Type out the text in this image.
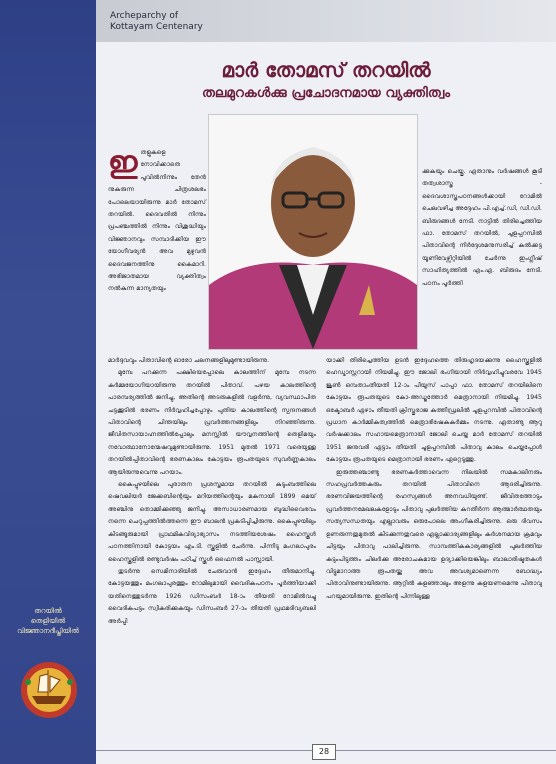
തറയിൽ
തെളിയിൽ
വിജ്ഞാനദീപ്തിയിൽ
Archeparchy of
Kottayam Centenary
മാർ തോമസ് തറയിൽ
തലമുറകൾക്കു പ്രചോദനമായ വ്യക്തിത്വം

ഇതളുകളെ നോവിക്കാതെ പൂവിൽനിന്നും തേൻ നുകരുന്ന ചിത്രശലഭം പോലെയായിരുന്നു മാർ തോമസ് തറയിൽ. ദൈവതിൽ നിന്നും പ്രപഞ്ചത്തിൽ നിന്നും വിശുദ്ധിയും വിജ്ഞാനവും സമ്പാദിക്കിയ ഈ യോഗീവര്യൻ അവ മുഴുവൻ ദൈവജനത്തിനു കൈമാറി. അഭിജാതമായ വ്യക്തിത്വം നൽകുന്ന മാന്യതയും

ക്കുകയും ചെയ്തു. ഏതാനും വർഷങ്ങൾ കൂടി തത്വശാസ്ത്ര - ദൈവശാസ്ത്രപഠനങ്ങൾക്കായി റോമിൽ ചെലവഴിച്ച അദ്ദേഹം പി.എച്ച്.ഡി, ഡി.ഡി. ബിരുദങ്ങൾ നേടി. നാട്ടിൽ തിരിച്ചെത്തിയ ഫാ. തോമസ് തറയിൽ, ചൂളപ്പറമ്പിൽ പിതാവിന്റെ നിർദ്ദേശമനുസരിച്ച് കൽക്കട്ട യൂണിവേഴ്സിറ്റിയിൽ ചേർന്നു ഇംഗ്ലീഷ് സാഹിത്യത്തിൽ എം.എ. ബിരുദം നേടി. പഠനം പൂർത്തി

മാർദ്ദവവും പിതാവിന്റെ ഓരോ ചലനങ്ങളിലുമുണ്ടായിരുന്നു.

മുമ്പേ പറക്കുന്ന പക്ഷിയെപ്പോലെ കാലത്തിന് മുമ്പേ നടന്ന കർമ്മയോഗിയായിരുന്നു തറയിൽ പിതാവ്. പഴയ കാലത്തിന്റെ പാരമ്പര്യത്തിൽ ജനിച്ചു, അതിന്റെ അടരുകളിൽ വളർന്നു, വ്യവസ്ഥാപിത ചട്ടക്കൂടിൽ ഭരണം നിർവ്വഹിച്ചപ്പോഴും പുതിയ കാലത്തിന്റെ സ്പന്ദനങ്ങൾ പിതാവിന്റെ ചിന്തയിലും പ്രവർത്തനങ്ങളിലും നിറഞ്ഞിരുന്നു. ജീവിതസായാഹ്നത്തിൽപ്പോലും മനസ്സിൽ യൗവ്വനത്തിന്റെ തെളിമയും നവോത്ഥാനോന്മേഷവുമുണ്ടായിരുന്നു. 1951 മുതൽ 1971 വരെയുള്ള തറയിൽപ്പിതാവിന്റെ ഭരണകാലം കോട്ടയം രൂപതയുടെ സുവർണ്ണകാലം ആയിരുന്നുവെന്നു പറയാം.

കൈപ്പുഴയിലെ പുരാതന പ്രശസ്തമായ തറയിൽ കുടുംബത്തിലെ ഷെവലിയർ ജേക്കബിന്റെയും മറിയത്തിന്റെയും മകനായി 1899 മെയ് അഞ്ചിനു തൊമ്മിക്കുഞ്ഞു ജനിച്ചു. അസാധാരണമായ ബുദ്ധിവൈഭവം നന്നെ ചെറുപ്പത്തിൽത്തന്നെ ഈ ബാലൻ പ്രകടിപ്പിച്ചിരുന്നു. കൈപ്പുഴയിലും കിടങ്ങൂരുമായി പ്രാഥമികവിദ്യാഭ്യാസം നടത്തിയശേഷം ഹൈസ്കൂൾ പഠനത്തിനായി കോട്ടയം എം.ടി. സ്കൂളിൽ ചേർന്നു. പിന്നീടു മംഗലാപുരം ഹൈസ്കൂളിൽ രണ്ടുവർഷം പഠിച്ച് സ്കൂൾ ഫൈനൽ പാസ്സായി.

തുടർന്നു സെമിനാരിയിൽ ചേരുവാൻ ഇദ്ദേഹം തീരുമാനിച്ചു. കോട്ടയത്തും മംഗലാപുരത്തും റോമിലുമായി വൈദികപഠനം പൂർത്തിയാക്കി യതിനെത്തുടർന്നു 1926 ഡിസംബർ 18-ാം തീയതി റോമിൽവച്ചു വൈദികപട്ടം സ്വീകരിക്കുകയും ഡിസംബർ 27-ാം തീയതി പ്രഥമദിവ്യബലി അർപ്പി

യാക്കി തിരിച്ചെത്തിയ ഉടൻ ഇദ്ദേഹത്തെ തിരുഹൃദയക്കുന്നു ഹൈസ്കൂളിൽ ഹെഡ്മാസ്റ്ററായി നിയമിച്ചു. ഈ ജോലി ഭംഗിയായി നിർവ്വഹിച്ചുവരവേ 1945 ജൂൺ ഒമ്പതാംതീയതി 12-ാം പീയൂസ് പാപ്പാ ഫാ. തോമസ് തറയിലിനെ കോട്ടയം രൂപതയുടെ കോ-അഡ്ജത്തോർ മെത്രാനായി നിയമിച്ചു. 1945 ഒക്ടോബർ ഏഴാം തീയതി ക്രിസ്തുരാജ കത്തീഡ്രലിൽ ചൂളപ്പറമ്പിൽ പിതാവിന്റെ പ്രധാന കാർമ്മികത്വത്തിൽ മെത്രാഭിഷേകകർമ്മം നടന്നു. ഏതാണ്ടു ആറു വർഷക്കാലം സഹായമെത്രാനായി ജോലി ചെയ്ത മാർ തോമസ് തറയിൽ 1951 ജനുവരി ഏട്ടാം തീയതി ചൂളപ്പറമ്പിൽ പിതാവു കാലം ചെയ്തപ്പോൾ കോട്ടയം രൂപതയുടെ മെത്രാനായി ഭരണം ഏറ്റെടുത്തു.

ഇരുത്തഞ്ചാണ്ടു ഭരണകർത്താവെന്ന നിലയിൽ സമകാലീനരും സഹപ്രവർത്തകരും തറയിൽ പിതാവിനെ ആദരിച്ചിരുന്നു. ഭരണവിജയത്തിന്റെ രഹസ്യങ്ങൾ അനവധിയുണ്ട്. ജീവിതത്തോടും പ്രവർത്തനമേഖലകളോടും പിതാവു പുലർത്തിയ കറതീർന്ന ആത്മാർത്ഥതയും സത്യസന്ധതയും എല്ലാവരും ഒരുപോലെ അംഗീകരിച്ചിരുന്നു. ഒരു ദിവസം ഉണരുന്നതുമുതൽ കിടക്കുന്നതുവരെ എല്ലാക്കാര്യങ്ങളിലും കർശനമായ ക്രമവും ചിട്ടയും പിതാവു പാലിച്ചിരുന്നു. സാമ്പത്തികകാര്യങ്ങളിൽ പുലർത്തിയ കടുംപിടുത്തം ചിലർക്കു അരോചകമായ ഉദ്യാക്കിയെങ്കിലും ബാലാരിഷ്ടതകൾ വിട്ടുമാറാത്ത രൂപതയ്ക്കു അവ അവശ്യമാണെന്ന ബോദ്ധ്യം പിതാവിനുണ്ടായിരുന്നു. ആറ്റിൽ കളഞ്ഞാലും അളന്നു കളയണമെന്നു പിതാവു പറയുമായിരുന്നു. ഇതിന്റെ പിന്നിലുള്ള

28
